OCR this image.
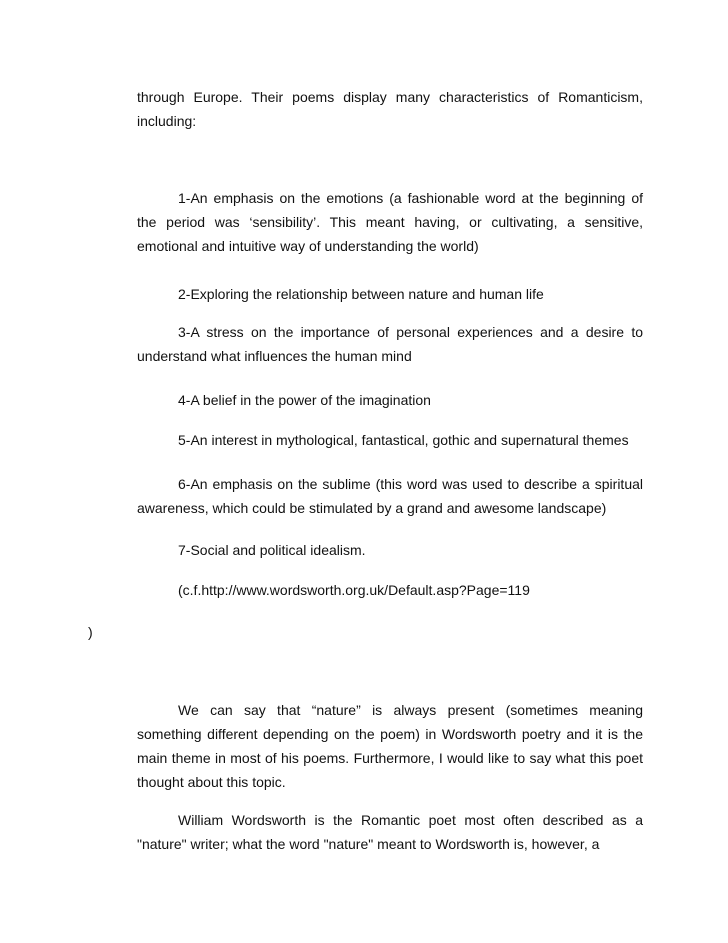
through Europe. Their poems display many characteristics of Romanticism, including:

1-An emphasis on the emotions (a fashionable word at the beginning of the period was ‘sensibility’. This meant having, or cultivating, a sensitive, emotional and intuitive way of understanding the world)

2-Exploring the relationship between nature and human life

3-A stress on the importance of personal experiences and a desire to understand what influences the human mind

4-A belief in the power of the imagination

5-An interest in mythological, fantastical, gothic and supernatural themes

6-An emphasis on the sublime (this word was used to describe a spiritual awareness, which could be stimulated by a grand and awesome landscape)

7-Social and political idealism.

(c.f.http://www.wordsworth.org.uk/Default.asp?Page=119

)

We can say that “nature” is always present (sometimes meaning something different depending on the poem) in Wordsworth poetry and it is the main theme in most of his poems. Furthermore, I would like to say what this poet thought about this topic.

William Wordsworth is the Romantic poet most often described as a "nature" writer; what the word "nature" meant to Wordsworth is, however, a
